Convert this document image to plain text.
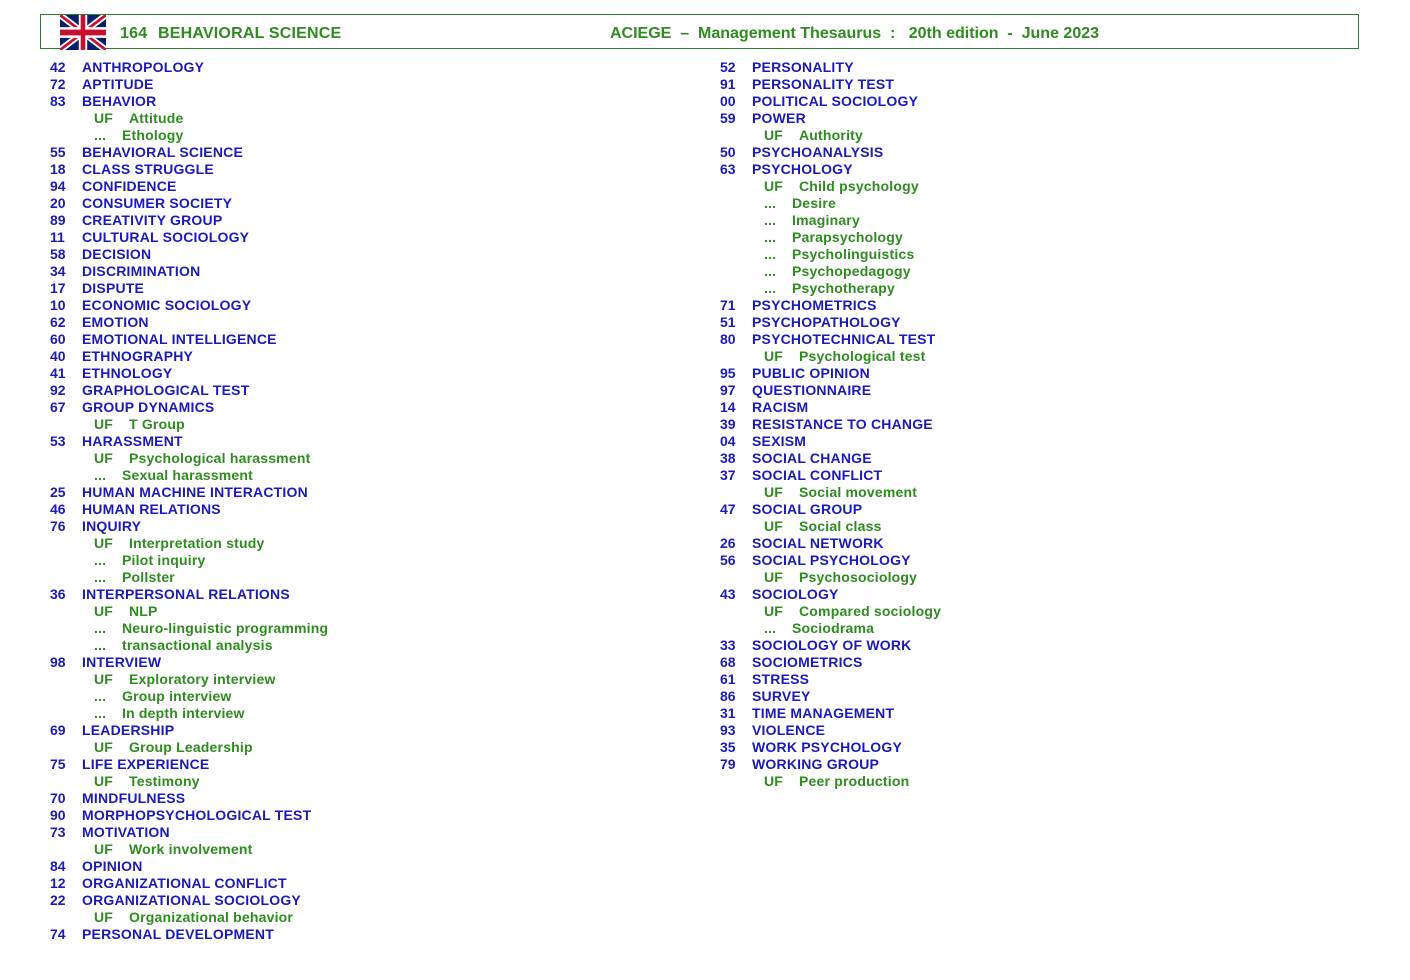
164 BEHAVIORAL SCIENCE	ACIEGE  –  Management Thesaurus  :   20th edition  -  June 2023
42 ANTHROPOLOGY
72 APTITUDE
83 BEHAVIOR
UF Attitude
... Ethology
55 BEHAVIORAL SCIENCE
18 CLASS STRUGGLE
94 CONFIDENCE
20 CONSUMER SOCIETY
89 CREATIVITY GROUP
11 CULTURAL SOCIOLOGY
58 DECISION
34 DISCRIMINATION
17 DISPUTE
10 ECONOMIC SOCIOLOGY
62 EMOTION
60 EMOTIONAL INTELLIGENCE
40 ETHNOGRAPHY
41 ETHNOLOGY
92 GRAPHOLOGICAL TEST
67 GROUP DYNAMICS
UF T Group
53 HARASSMENT
UF Psychological harassment
... Sexual harassment
25 HUMAN MACHINE INTERACTION
46 HUMAN RELATIONS
76 INQUIRY
UF Interpretation study
... Pilot inquiry
... Pollster
36 INTERPERSONAL RELATIONS
UF NLP
... Neuro-linguistic programming
... transactional analysis
98 INTERVIEW
UF Exploratory interview
... Group interview
... In depth interview
69 LEADERSHIP
UF Group Leadership
75 LIFE EXPERIENCE
UF Testimony
70 MINDFULNESS
90 MORPHOPSYCHOLOGICAL TEST
73 MOTIVATION
UF Work involvement
84 OPINION
12 ORGANIZATIONAL CONFLICT
22 ORGANIZATIONAL SOCIOLOGY
UF Organizational behavior
74 PERSONAL DEVELOPMENT
52 PERSONALITY
91 PERSONALITY TEST
00 POLITICAL SOCIOLOGY
59 POWER
UF Authority
50 PSYCHOANALYSIS
63 PSYCHOLOGY
UF Child psychology
... Desire
... Imaginary
... Parapsychology
... Psycholinguistics
... Psychopedagogy
... Psychotherapy
71 PSYCHOMETRICS
51 PSYCHOPATHOLOGY
80 PSYCHOTECHNICAL TEST
UF Psychological test
95 PUBLIC OPINION
97 QUESTIONNAIRE
14 RACISM
39 RESISTANCE TO CHANGE
04 SEXISM
38 SOCIAL CHANGE
37 SOCIAL CONFLICT
UF Social movement
47 SOCIAL GROUP
UF Social class
26 SOCIAL NETWORK
56 SOCIAL PSYCHOLOGY
UF Psychosociology
43 SOCIOLOGY
UF Compared sociology
... Sociodrama
33 SOCIOLOGY OF WORK
68 SOCIOMETRICS
61 STRESS
86 SURVEY
31 TIME MANAGEMENT
93 VIOLENCE
35 WORK PSYCHOLOGY
79 WORKING GROUP
UF Peer production
